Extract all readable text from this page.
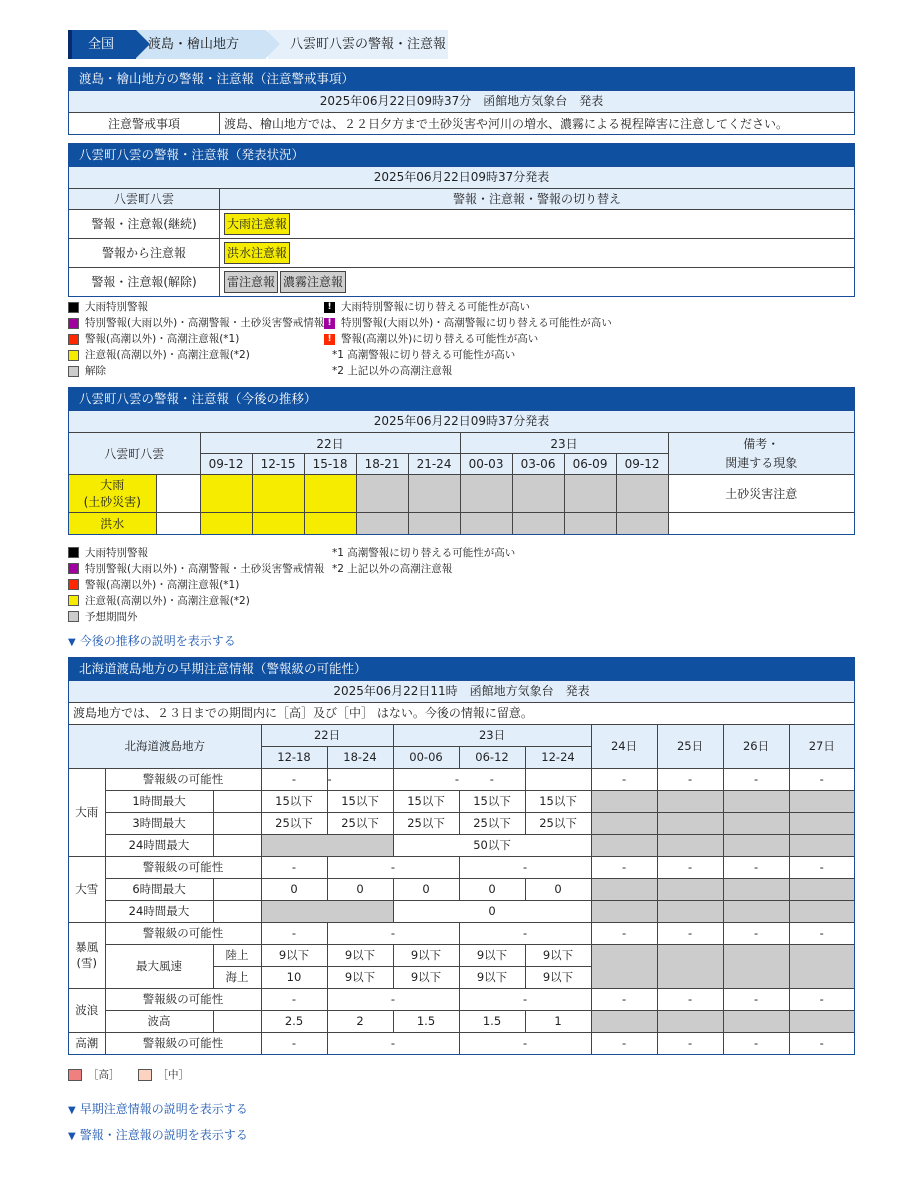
八雲町八雲の警報・注意報
渡島・檜山地方
全国
渡島・檜山地方の警報・注意報（注意警戒事項）
2025年06月22日09時37分　函館地方気象台　発表
注意警戒事項	渡島、檜山地方では、２２日夕方まで土砂災害や河川の増水、濃霧による視程障害に注意してください。
八雲町八雲の警報・注意報（発表状況）
2025年06月22日09時37分発表
八雲町八雲	警報・注意報・警報の切り替え
警報・注意報(継続)	大雨注意報
警報から注意報	洪水注意報
警報・注意報(解除)	雷注意報 濃霧注意報
大雨特別警報
特別警報(大雨以外)・高潮警報・土砂災害警戒情報
警報(高潮以外)・高潮注意報(*1)
注意報(高潮以外)・高潮注意報(*2)
解除
! 大雨特別警報に切り替える可能性が高い
! 特別警報(大雨以外)・高潮警報に切り替える可能性が高い
! 警報(高潮以外)に切り替える可能性が高い
*1 高潮警報に切り替える可能性が高い
*2 上記以外の高潮注意報
八雲町八雲の警報・注意報（今後の推移）
2025年06月22日09時37分発表
八雲町八雲		22日					23日				備考・
関連する現象
		09-12	12-15	15-18	18-21	21-24	00-03	03-06	06-09	09-12	
大雨
(土砂災害)											土砂災害注意
洪水											
大雨特別警報
特別警報(大雨以外)・高潮警報・土砂災害警戒情報
警報(高潮以外)・高潮注意報(*1)
注意報(高潮以外)・高潮注意報(*2)
予想期間外
*1 高潮警報に切り替える可能性が高い
*2 上記以外の高潮注意報
▼ 今後の推移の説明を表示する
北海道渡島地方の早期注意情報（警報級の可能性）
2025年06月22日11時　函館地方気象台　発表
渡島地方では、２３日までの期間内に［高］及び［中］ はない。今後の情報に留意。
北海道渡島地方			22日		23日			24日	25日	26日	27日
			12-18	18-24	00-06	06-12	12-24				
大雨	警報級の可能性		-	-	-	-		-	-	-	-
	1時間最大		15以下	15以下	15以下	15以下	15以下				
	3時間最大		25以下	25以下	25以下	25以下	25以下				
	24時間最大				50以下						
大雪	警報級の可能性		-	-		-		-	-	-	-
	6時間最大		0	0	0	0	0				
	24時間最大				0						
暴風(雪)	警報級の可能性		-	-		-		-	-	-	-
	最大風速	陸上	9以下	9以下	9以下	9以下	9以下				
		海上	10	9以下	9以下	9以下	9以下				
波浪	警報級の可能性		-	-		-		-	-	-	-
	波高		2.5	2	1.5	1.5	1				
高潮	警報級の可能性		-	-		-		-	-	-	-
［高］	［中］
▼ 早期注意情報の説明を表示する
▼ 警報・注意報の説明を表示する
